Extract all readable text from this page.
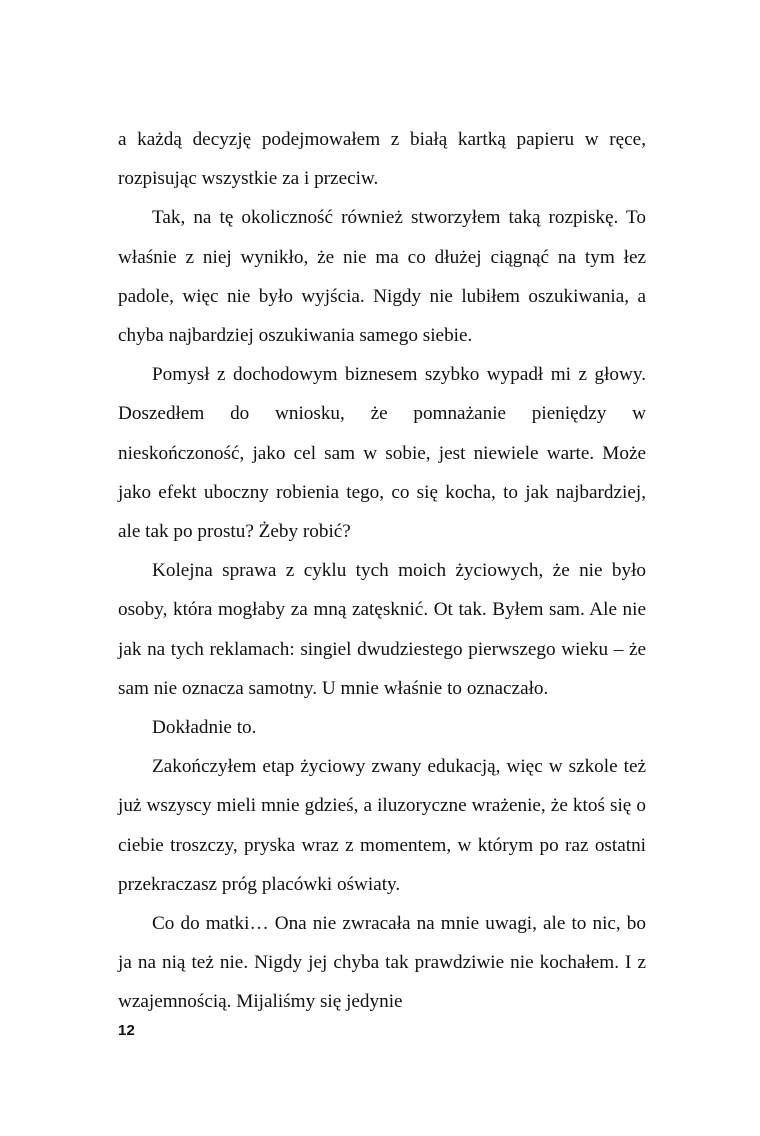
a każdą decyzję podejmowałem z białą kartką papieru w ręce, rozpisując wszystkie za i przeciw.

Tak, na tę okoliczność również stworzyłem taką rozpiskę. To właśnie z niej wynikło, że nie ma co dłużej ciągnąć na tym łez padole, więc nie było wyjścia. Nigdy nie lubiłem oszukiwania, a chyba najbardziej oszukiwania samego siebie.

Pomysł z dochodowym biznesem szybko wypadł mi z głowy. Doszedłem do wniosku, że pomnażanie pieniędzy w nieskończoność, jako cel sam w sobie, jest niewiele warte. Może jako efekt uboczny robienia tego, co się kocha, to jak najbardziej, ale tak po prostu? Żeby robić?

Kolejna sprawa z cyklu tych moich życiowych, że nie było osoby, która mogłaby za mną zatęsknić. Ot tak. Byłem sam. Ale nie jak na tych reklamach: singiel dwudziestego pierwszego wieku – że sam nie oznacza samotny. U mnie właśnie to oznaczało.

Dokładnie to.

Zakończyłem etap życiowy zwany edukacją, więc w szkole też już wszyscy mieli mnie gdzieś, a iluzoryczne wrażenie, że ktoś się o ciebie troszczy, pryska wraz z momentem, w którym po raz ostatni przekraczasz próg placówki oświaty.

Co do matki… Ona nie zwracała na mnie uwagi, ale to nic, bo ja na nią też nie. Nigdy jej chyba tak prawdziwie nie kochałem. I z wzajemnością. Mijaliśmy się jedynie

12
